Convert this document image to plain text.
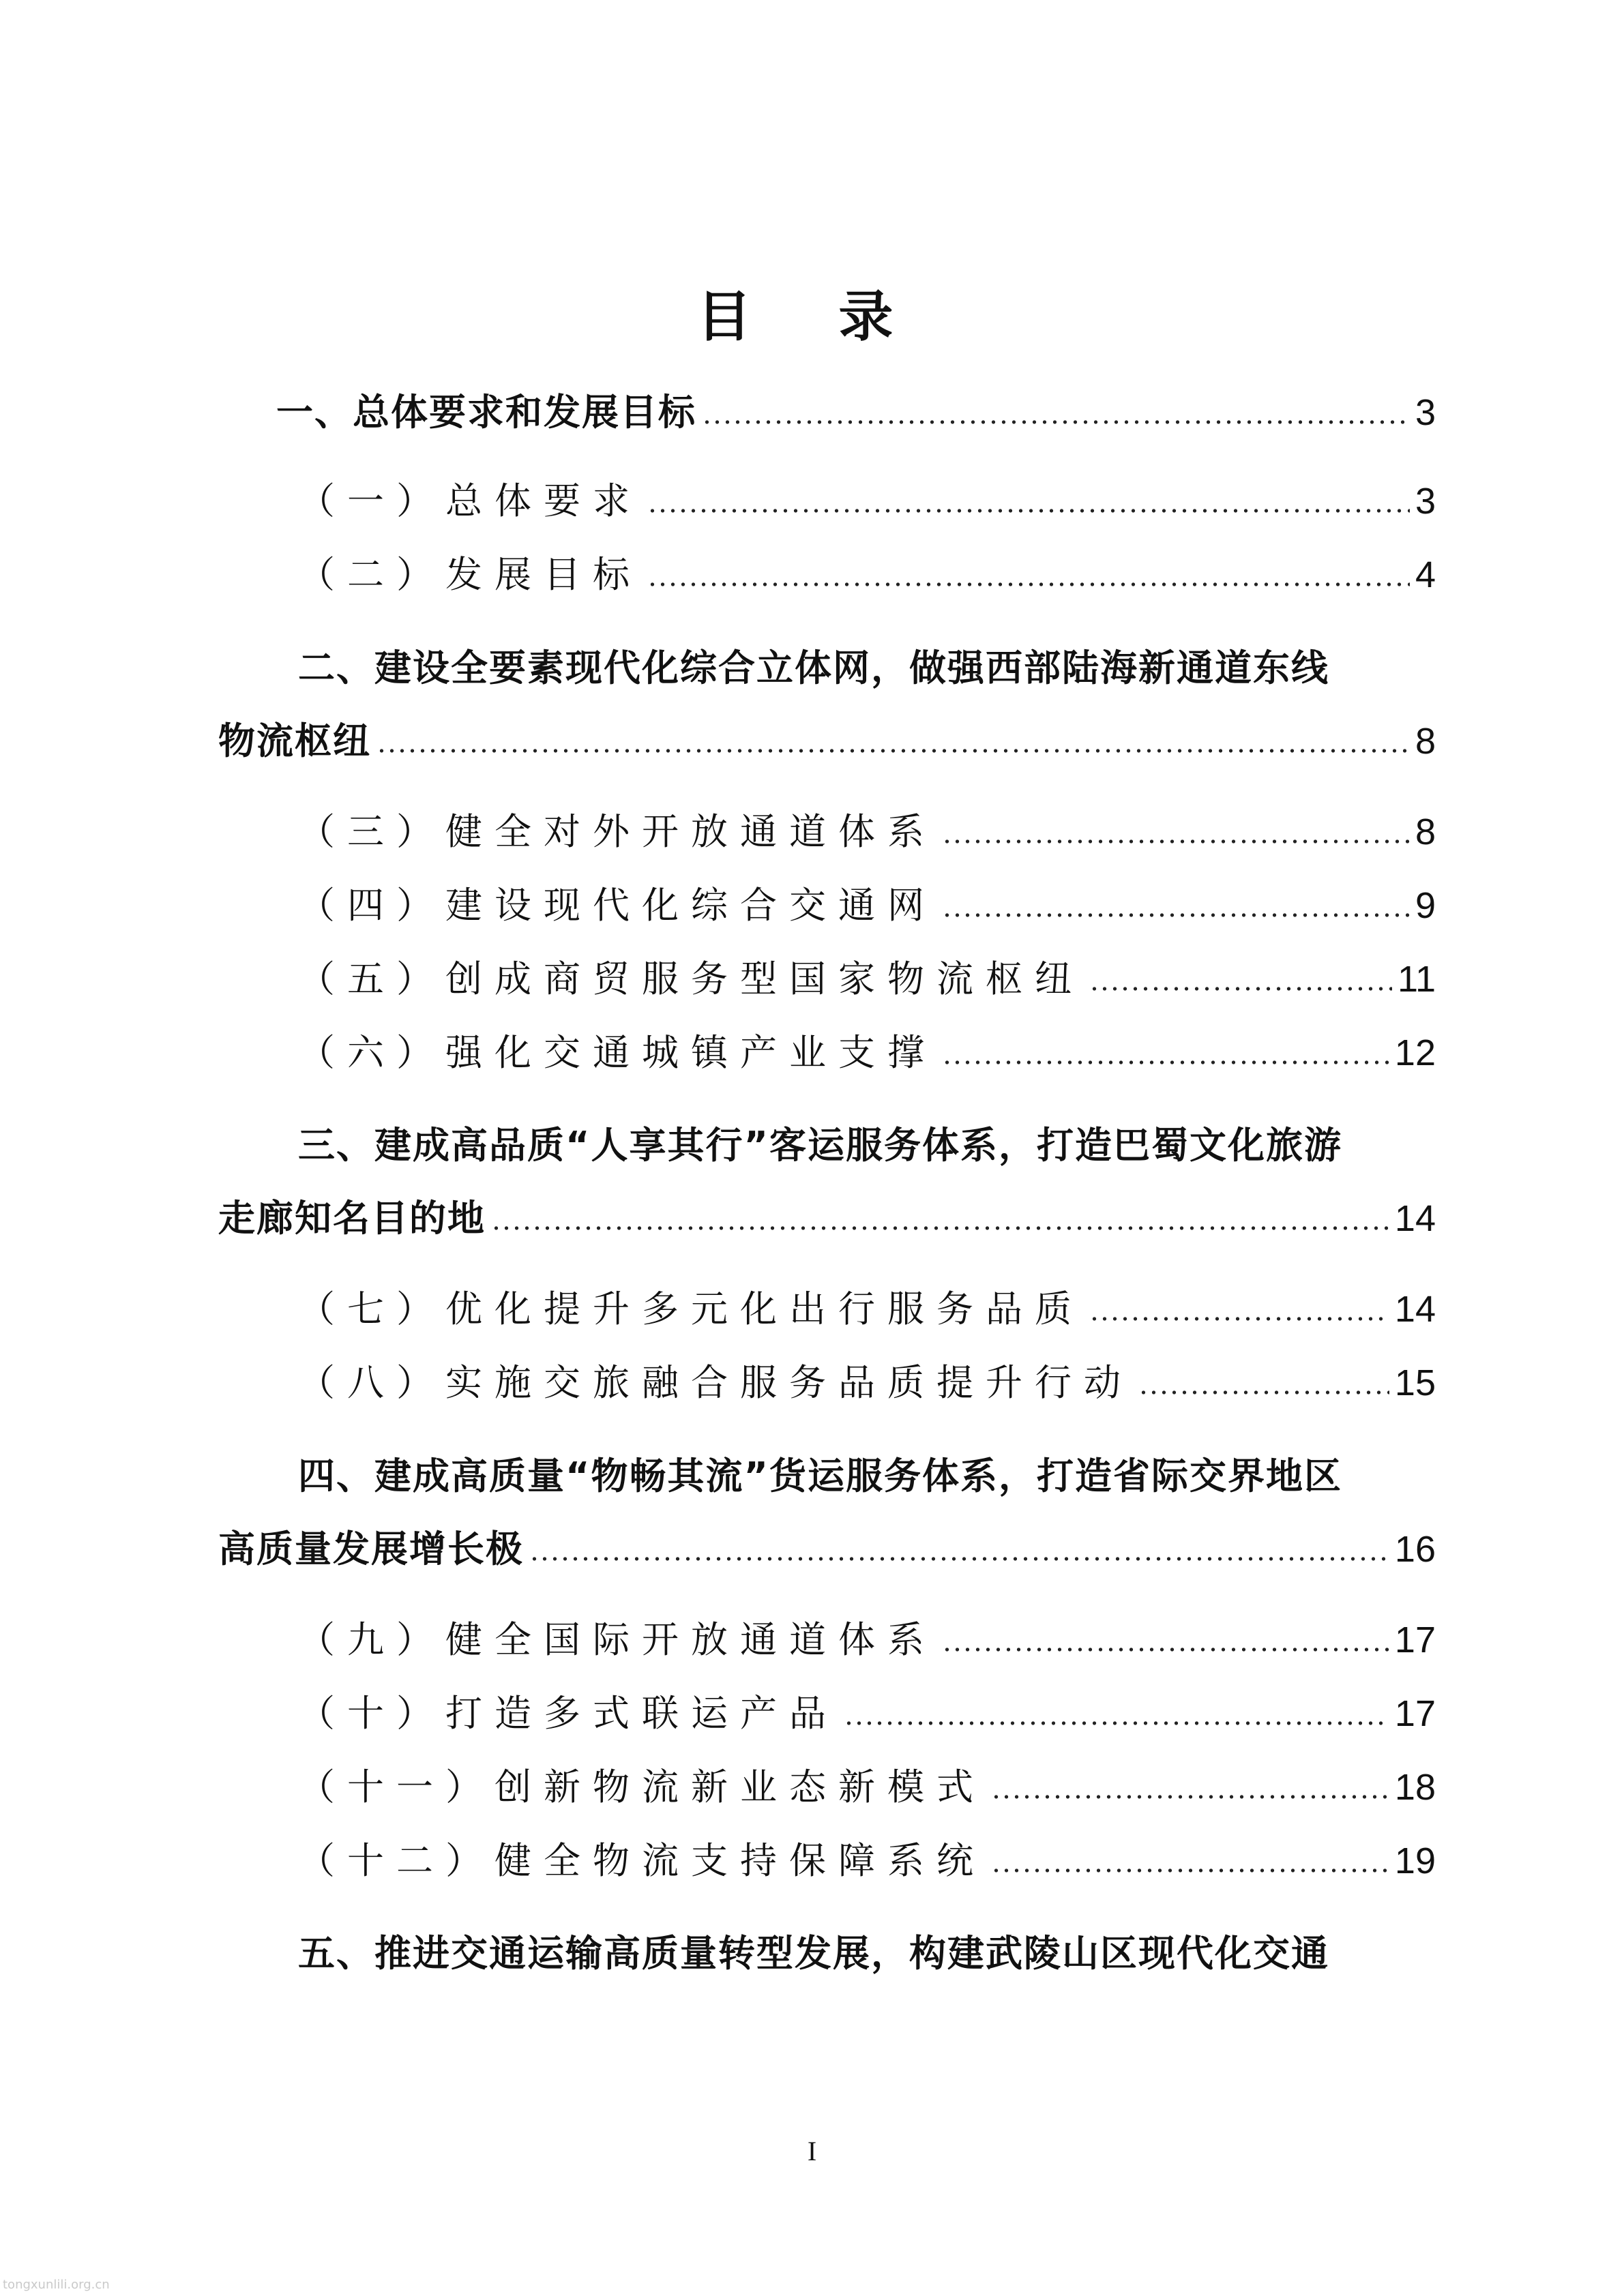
目 录
一、总体要求和发展目标	3
（一）总体要求	3
（二）发展目标	4
二、建设全要素现代化综合立体网，做强西部陆海新通道东线
物流枢纽	8
（三）健全对外开放通道体系	8
（四）建设现代化综合交通网	9
（五）创成商贸服务型国家物流枢纽	11
（六）强化交通城镇产业支撑	12
三、建成高品质“人享其行”客运服务体系，打造巴蜀文化旅游
走廊知名目的地	14
（七）优化提升多元化出行服务品质	14
（八）实施交旅融合服务品质提升行动	15
四、建成高质量“物畅其流”货运服务体系，打造省际交界地区
高质量发展增长极	16
（九）健全国际开放通道体系	17
（十）打造多式联运产品	17
（十一）创新物流新业态新模式	18
（十二）健全物流支持保障系统	19
五、推进交通运输高质量转型发展，构建武陵山区现代化交通
I
tongxunlili.org.cn
